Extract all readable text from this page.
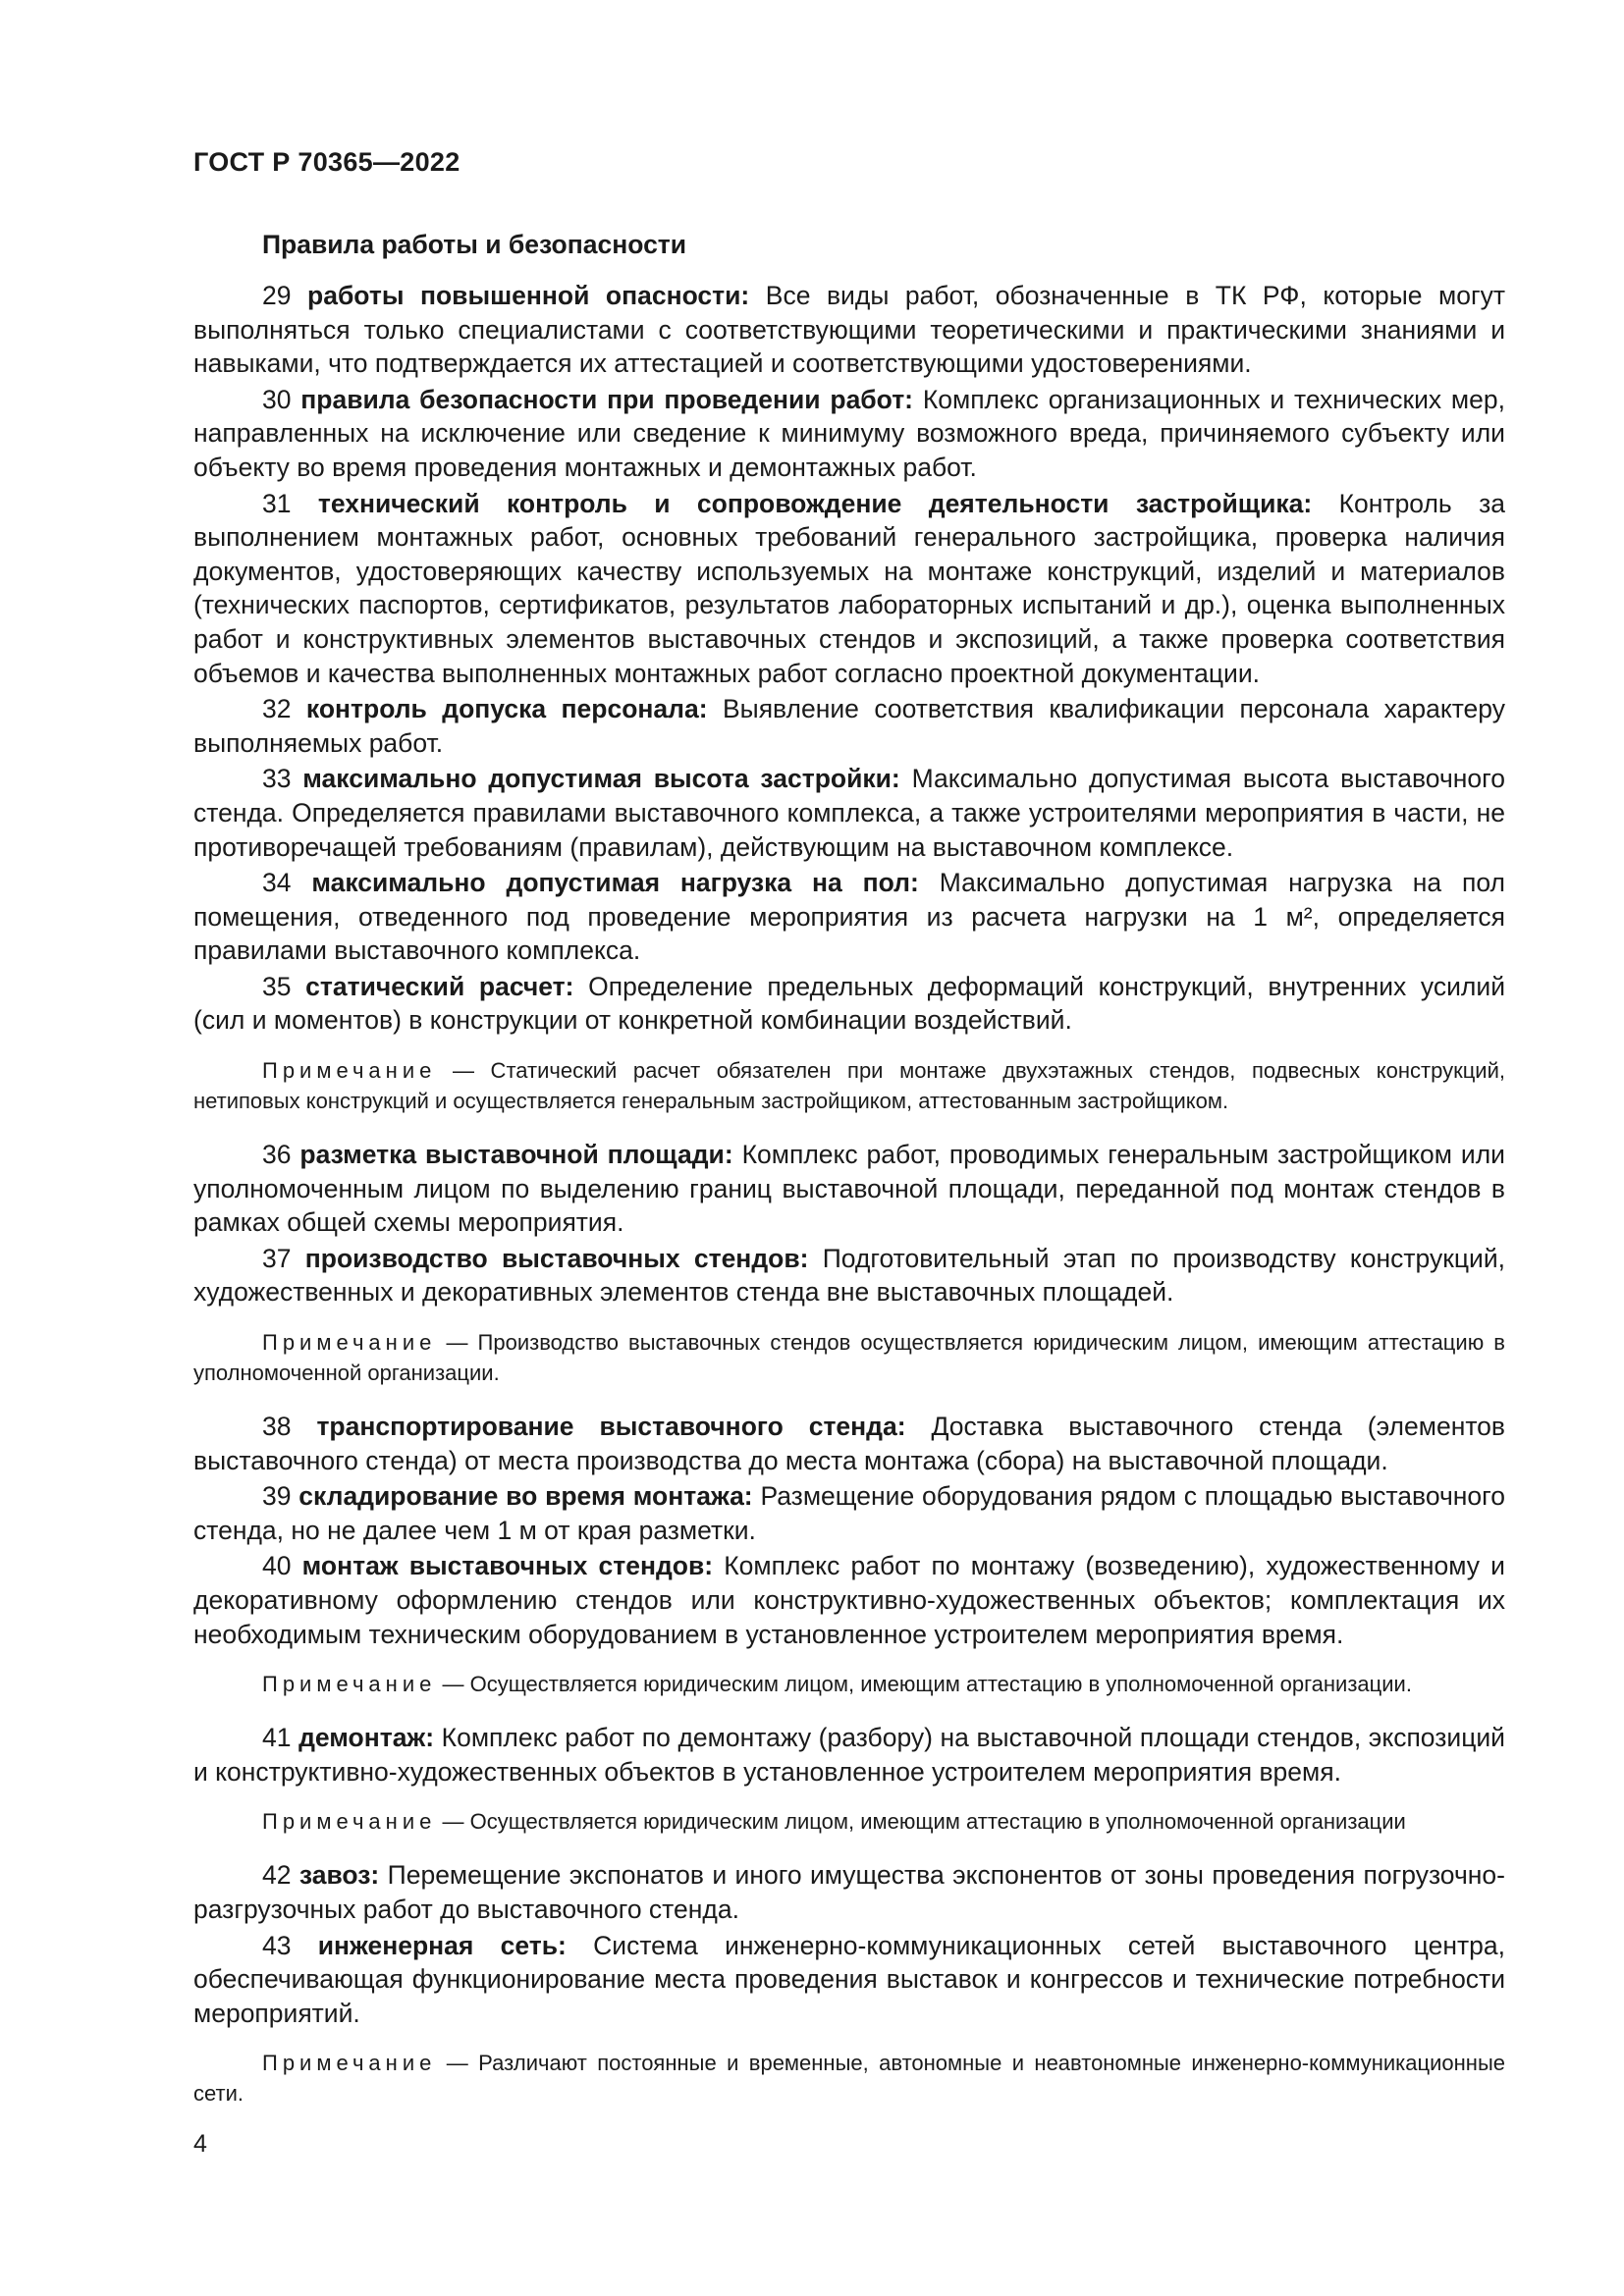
ГОСТ Р 70365—2022

Правила работы и безопасности

29 работы повышенной опасности: Все виды работ, обозначенные в ТК РФ, которые могут выполняться только специалистами с соответствующими теоретическими и практическими знаниями и навыками, что подтверждается их аттестацией и соответствующими удостоверениями.

30 правила безопасности при проведении работ: Комплекс организационных и технических мер, направленных на исключение или сведение к минимуму возможного вреда, причиняемого субъекту или объекту во время проведения монтажных и демонтажных работ.

31 технический контроль и сопровождение деятельности застройщика: Контроль за выполнением монтажных работ, основных требований генерального застройщика, проверка наличия документов, удостоверяющих качеству используемых на монтаже конструкций, изделий и материалов (технических паспортов, сертификатов, результатов лабораторных испытаний и др.), оценка выполненных работ и конструктивных элементов выставочных стендов и экспозиций, а также проверка соответствия объемов и качества выполненных монтажных работ согласно проектной документации.

32 контроль допуска персонала: Выявление соответствия квалификации персонала характеру выполняемых работ.

33 максимально допустимая высота застройки: Максимально допустимая высота выставочного стенда. Определяется правилами выставочного комплекса, а также устроителями мероприятия в части, не противоречащей требованиям (правилам), действующим на выставочном комплексе.

34 максимально допустимая нагрузка на пол: Максимально допустимая нагрузка на пол помещения, отведенного под проведение мероприятия из расчета нагрузки на 1 м², определяется правилами выставочного комплекса.

35 статический расчет: Определение предельных деформаций конструкций, внутренних усилий (сил и моментов) в конструкции от конкретной комбинации воздействий.

Примечание — Статический расчет обязателен при монтаже двухэтажных стендов, подвесных конструкций, нетиповых конструкций и осуществляется генеральным застройщиком, аттестованным застройщиком.

36 разметка выставочной площади: Комплекс работ, проводимых генеральным застройщиком или уполномоченным лицом по выделению границ выставочной площади, переданной под монтаж стендов в рамках общей схемы мероприятия.

37 производство выставочных стендов: Подготовительный этап по производству конструкций, художественных и декоративных элементов стенда вне выставочных площадей.

Примечание — Производство выставочных стендов осуществляется юридическим лицом, имеющим аттестацию в уполномоченной организации.

38 транспортирование выставочного стенда: Доставка выставочного стенда (элементов выставочного стенда) от места производства до места монтажа (сбора) на выставочной площади.

39 складирование во время монтажа: Размещение оборудования рядом с площадью выставочного стенда, но не далее чем 1 м от края разметки.

40 монтаж выставочных стендов: Комплекс работ по монтажу (возведению), художественному и декоративному оформлению стендов или конструктивно-художественных объектов; комплектация их необходимым техническим оборудованием в установленное устроителем мероприятия время.

Примечание — Осуществляется юридическим лицом, имеющим аттестацию в уполномоченной организации.

41 демонтаж: Комплекс работ по демонтажу (разбору) на выставочной площади стендов, экспозиций и конструктивно-художественных объектов в установленное устроителем мероприятия время.

Примечание — Осуществляется юридическим лицом, имеющим аттестацию в уполномоченной организации

42 завоз: Перемещение экспонатов и иного имущества экспонентов от зоны проведения погрузочно-разгрузочных работ до выставочного стенда.

43 инженерная сеть: Система инженерно-коммуникационных сетей выставочного центра, обеспечивающая функционирование места проведения выставок и конгрессов и технические потребности мероприятий.

Примечание — Различают постоянные и временные, автономные и неавтономные инженерно-коммуникационные сети.

4
